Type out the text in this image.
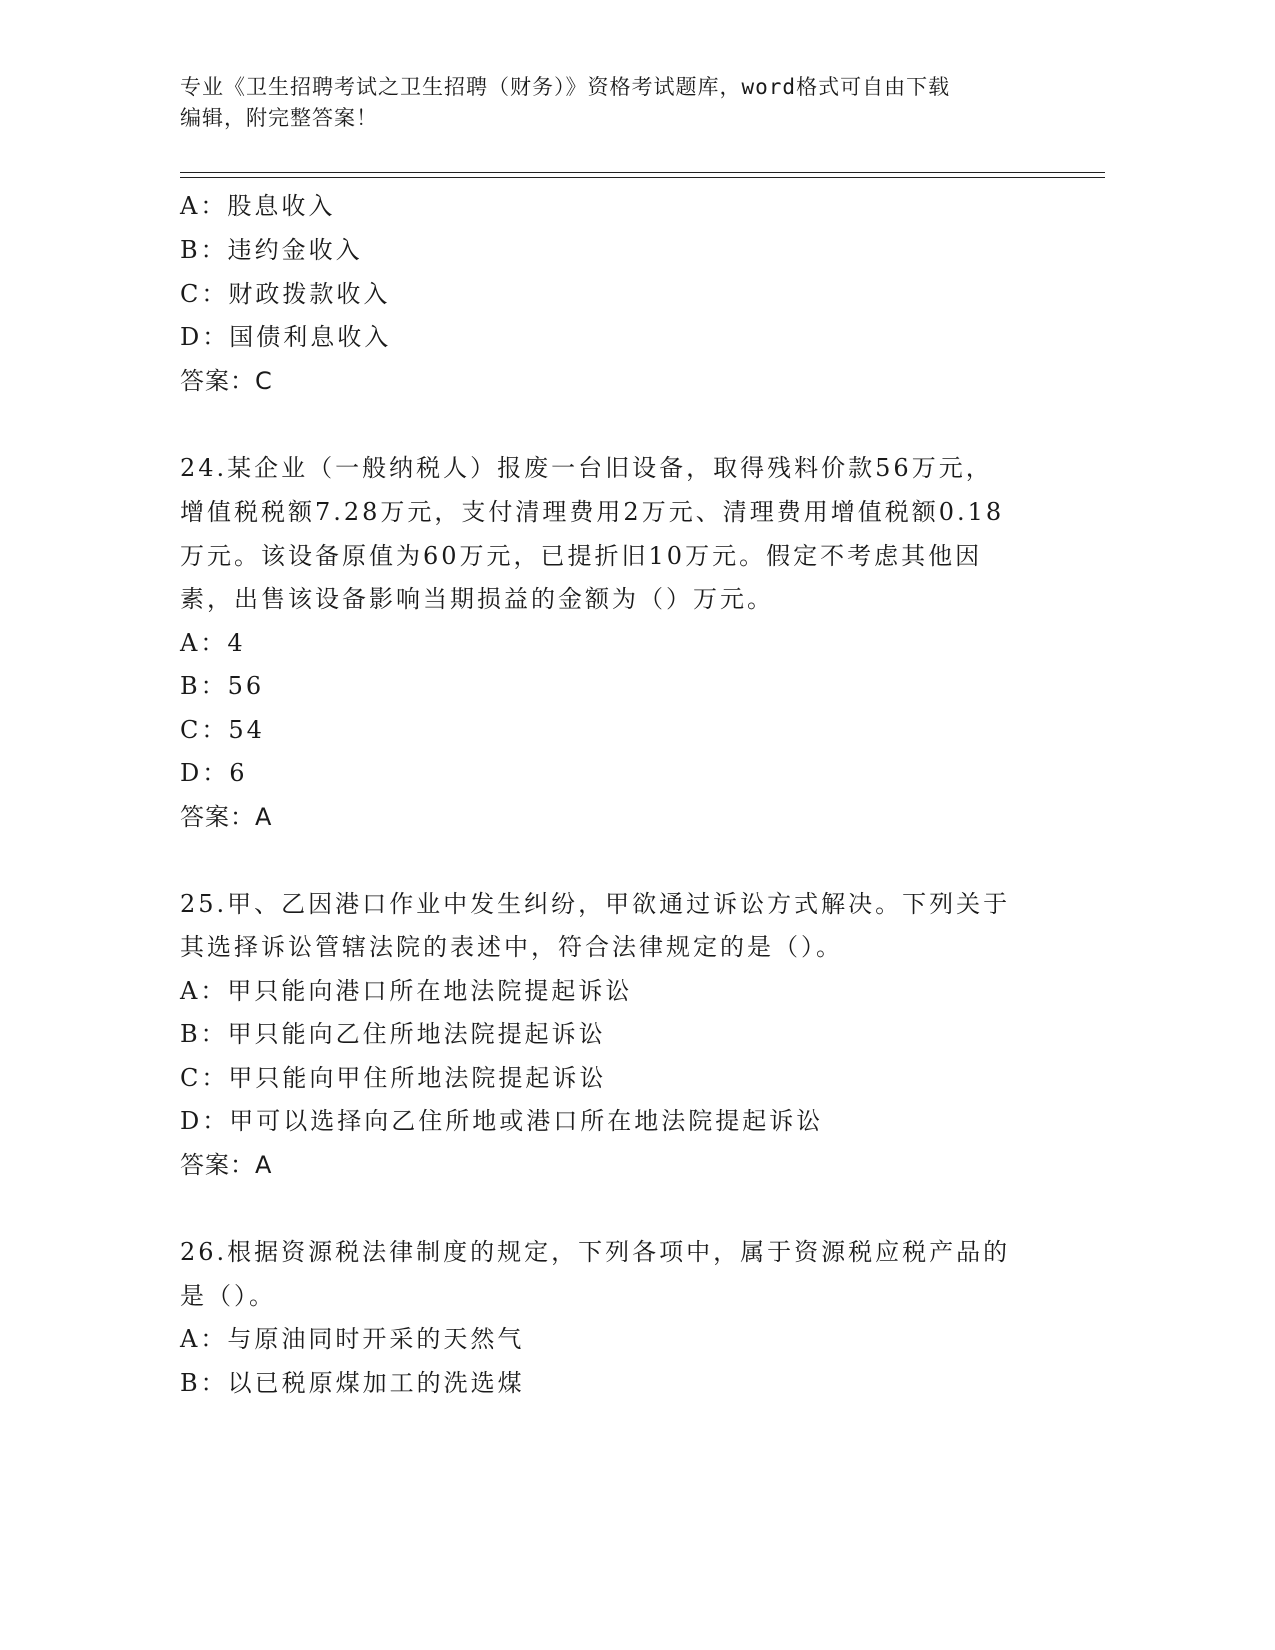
专业《卫生招聘考试之卫生招聘（财务）》资格考试题库，word格式可自由下载
编辑，附完整答案！
A：股息收入
B：违约金收入
C：财政拨款收入
D：国债利息收入
答案：C
24.某企业（一般纳税人）报废一台旧设备，取得残料价款56万元，
增值税税额7.28万元，支付清理费用2万元、清理费用增值税额0.18
万元。该设备原值为60万元，已提折旧10万元。假定不考虑其他因
素，出售该设备影响当期损益的金额为（）万元。
A：4
B：56
C：54
D：6
答案：A
25.甲、乙因港口作业中发生纠纷，甲欲通过诉讼方式解决。下列关于
其选择诉讼管辖法院的表述中，符合法律规定的是（）。
A：甲只能向港口所在地法院提起诉讼
B：甲只能向乙住所地法院提起诉讼
C：甲只能向甲住所地法院提起诉讼
D：甲可以选择向乙住所地或港口所在地法院提起诉讼
答案：A
26.根据资源税法律制度的规定，下列各项中，属于资源税应税产品的
是（）。
A：与原油同时开采的天然气
B：以已税原煤加工的洗选煤
